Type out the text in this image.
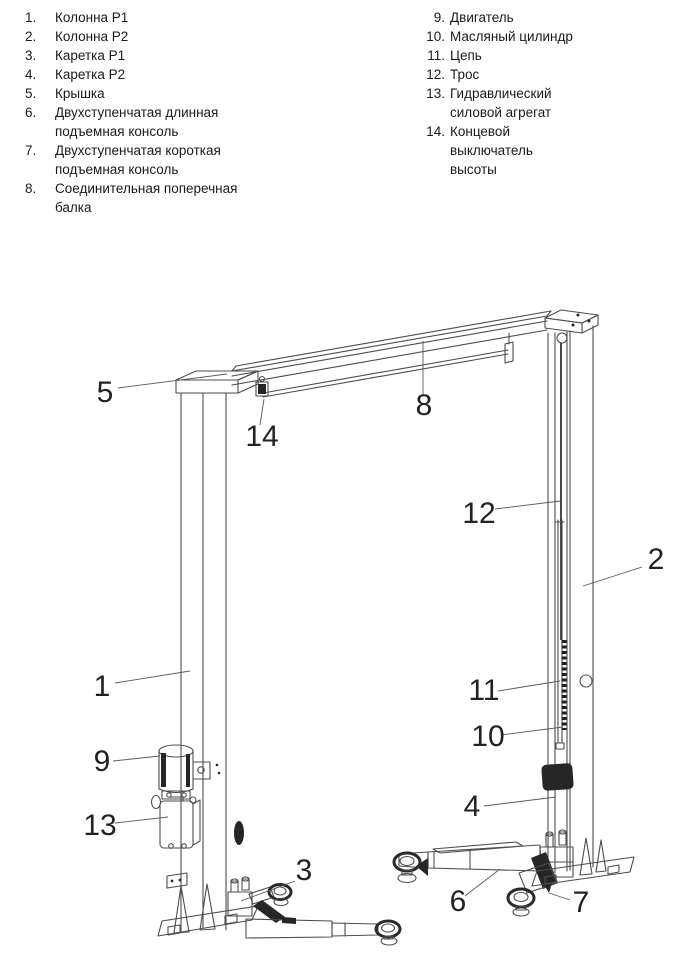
1.	Колонна P1
2.	Колонна P2
3.	Каретка P1
4.	Каретка P2
5.	Крышка
6.	Двухступенчатая длинная
подъемная консоль
7.	Двухступенчатая короткая
подъемная консоль
8.	Соединительная поперечная
балка
9. Двигатель
10. Масляный цилиндр
11. Цепь
12. Трос
13. Гидравлический
силовой агрегат
14. Концевой
выключатель
высоты
5
14
8
12
2
1	11
10
9
4
13
3
6	7
